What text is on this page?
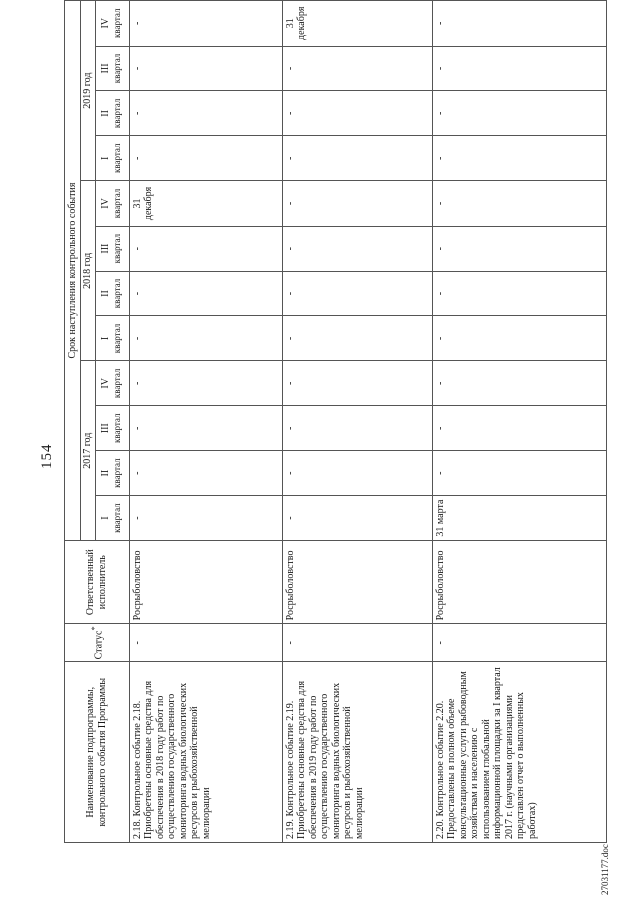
154
Наименование подпрограммы, контрольного события Программы	Статус*	Ответственный исполнитель	Срок наступления контрольного события											
			2017 год				2018 год				2019 год			

			I квартал	II квартал	III квартал	IV квартал	I квартал	II квартал	III квартал	IV квартал	I квартал	II квартал	III квартал	IV квартал

2.18. Контрольное событие 2.18. Приобретены основные средства для обеспечения в 2018 году работ по осуществлению государственного мониторинга водных биологических ресурсов и рыбохозяйственной мелиорации	-	Росрыболовство	-	-	-	-	-	-	-	31 декабря	-	-	-	-

2.19. Контрольное событие 2.19. Приобретены основные средства для обеспечения в 2019 году работ по осуществлению государственного мониторинга водных биологических ресурсов и рыбохозяйственной мелиорации	-	Росрыболовство	-	-	-	-	-	-	-	-	-	-	-	31 декабря

2.20. Контрольное событие 2.20. Предоставлены в полном объеме консультационные услуги рыбоводным хозяйствам и населению с использованием глобальной информационной площадки за I квартал 2017 г. (научными организациями представлен отчет о выполненных работах)	-	Росрыболовство	31 марта	-	-	-	-	-	-	-	-	-	-	-
27031177.doc
